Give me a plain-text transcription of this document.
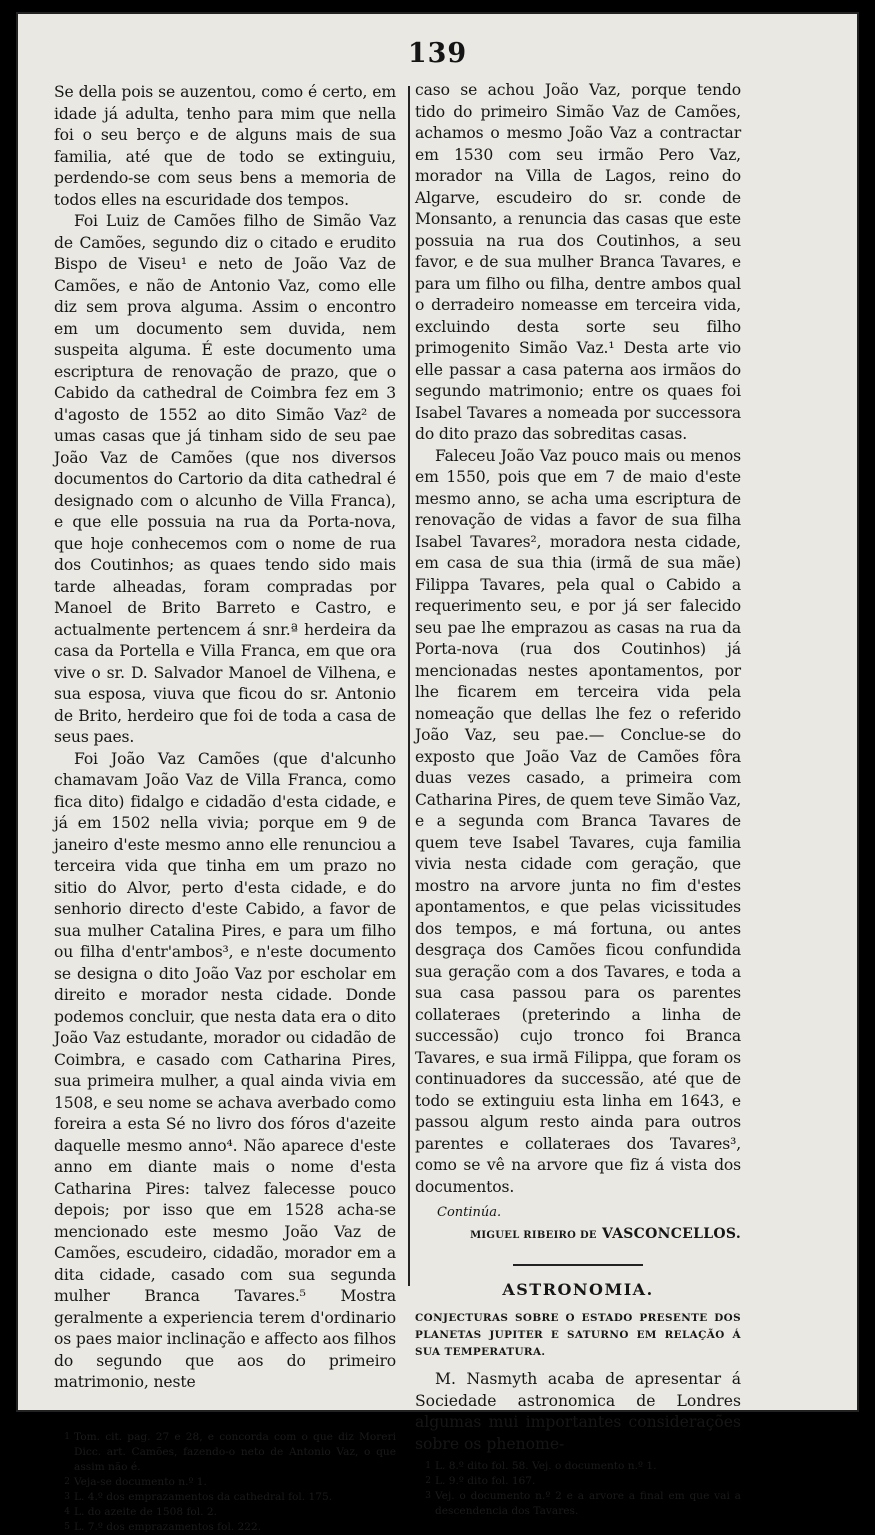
139

Se della pois se auzentou, como é certo, em idade já adulta, tenho para mim que nella foi o seu berço e de alguns mais de sua familia, até que de todo se extinguiu, perdendo-se com seus bens a memoria de todos elles na escuridade dos tempos.

Foi Luiz de Camões filho de Simão Vaz de Camões, segundo diz o citado e erudito Bispo de Viseu¹ e neto de João Vaz de Camões, e não de Antonio Vaz, como elle diz sem prova alguma. Assim o encontro em um documento sem duvida, nem suspeita alguma. É este documento uma escriptura de renovação de prazo, que o Cabido da cathedral de Coimbra fez em 3 d'agosto de 1552 ao dito Simão Vaz² de umas casas que já tinham sido de seu pae João Vaz de Camões (que nos diversos documentos do Cartorio da dita cathedral é designado com o alcunho de Villa Franca), e que elle possuia na rua da Porta-nova, que hoje conhecemos com o nome de rua dos Coutinhos; as quaes tendo sido mais tarde alheadas, foram compradas por Manoel de Brito Barreto e Castro, e actualmente pertencem á snr.ª herdeira da casa da Portella e Villa Franca, em que ora vive o sr. D. Salvador Manoel de Vilhena, e sua esposa, viuva que ficou do sr. Antonio de Brito, herdeiro que foi de toda a casa de seus paes.

Foi João Vaz Camões (que d'alcunho chamavam João Vaz de Villa Franca, como fica dito) fidalgo e cidadão d'esta cidade, e já em 1502 nella vivia; porque em 9 de janeiro d'este mesmo anno elle renunciou a terceira vida que tinha em um prazo no sitio do Alvor, perto d'esta cidade, e do senhorio directo d'este Cabido, a favor de sua mulher Catalina Pires, e para um filho ou filha d'entr'ambos³, e n'este documento se designa o dito João Vaz por escholar em direito e morador nesta cidade. Donde podemos concluir, que nesta data era o dito João Vaz estudante, morador ou cidadão de Coimbra, e casado com Catharina Pires, sua primeira mulher, a qual ainda vivia em 1508, e seu nome se achava averbado como foreira a esta Sé no livro dos fóros d'azeite daquelle mesmo anno⁴. Não aparece d'este anno em diante mais o nome d'esta Catharina Pires: talvez falecesse pouco depois; por isso que em 1528 acha-se mencionado este mesmo João Vaz de Camões, escudeiro, cidadão, morador em a dita cidade, casado com sua segunda mulher Branca Tavares.⁵ Mostra geralmente a experiencia terem d'ordinario os paes maior inclinação e affecto aos filhos do segundo que aos do primeiro matrimonio, neste

1 Tom. cit. pag. 27 e 28, e concorda com o que diz Moreri Dicc. art. Camões, fazendo-o neto de Antonio Vaz, o que assim não é.

2 Veja-se documento n.º 1.

3 L. 4.º dos emprazamentos da cathedral fol. 175.

4 L. do azeite de 1508 fol. 2.

5 L. 7.º dos emprazamentos fol. 222.

caso se achou João Vaz, porque tendo tido do primeiro Simão Vaz de Camões, achamos o mesmo João Vaz a contractar em 1530 com seu irmão Pero Vaz, morador na Villa de Lagos, reino do Algarve, escudeiro do sr. conde de Monsanto, a renuncia das casas que este possuia na rua dos Coutinhos, a seu favor, e de sua mulher Branca Tavares, e para um filho ou filha, dentre ambos qual o derradeiro nomeasse em terceira vida, excluindo desta sorte seu filho primogenito Simão Vaz.¹ Desta arte vio elle passar a casa paterna aos irmãos do segundo matrimonio; entre os quaes foi Isabel Tavares a nomeada por successora do dito prazo das sobreditas casas.

Faleceu João Vaz pouco mais ou menos em 1550, pois que em 7 de maio d'este mesmo anno, se acha uma escriptura de renovação de vidas a favor de sua filha Isabel Tavares², moradora nesta cidade, em casa de sua thia (irmã de sua mãe) Filippa Tavares, pela qual o Cabido a requerimento seu, e por já ser falecido seu pae lhe emprazou as casas na rua da Porta-nova (rua dos Coutinhos) já mencionadas nestes apontamentos, por lhe ficarem em terceira vida pela nomeação que dellas lhe fez o referido João Vaz, seu pae.— Conclue-se do exposto que João Vaz de Camões fôra duas vezes casado, a primeira com Catharina Pires, de quem teve Simão Vaz, e a segunda com Branca Tavares de quem teve Isabel Tavares, cuja familia vivia nesta cidade com geração, que mostro na arvore junta no fim d'estes apontamentos, e que pelas vicissitudes dos tempos, e má fortuna, ou antes desgraça dos Camões ficou confundida sua geração com a dos Tavares, e toda a sua casa passou para os parentes collateraes (preterindo a linha de successão) cujo tronco foi Branca Tavares, e sua irmã Filippa, que foram os continuadores da successão, até que de todo se extinguiu esta linha em 1643, e passou algum resto ainda para outros parentes e collateraes dos Tavares³, como se vê na arvore que fiz á vista dos documentos.

Continúa.

MIGUEL RIBEIRO DE VASCONCELLOS.

ASTRONOMIA.

CONJECTURAS SOBRE O ESTADO PRESENTE DOS PLANETAS JUPITER E SATURNO EM RELAÇÃO Á SUA TEMPERATURA.

M. Nasmyth acaba de apresentar á Sociedade astronomica de Londres algumas mui importantes considerações sobre os phenome-

1 L. 8.º dito fol. 58. Vej. o documento n.º 1.

2 L. 9.º dito fol. 167.

3 Vej. o documento n.º 2 e a arvore a final em que vai a descendencia dos Tavares.
